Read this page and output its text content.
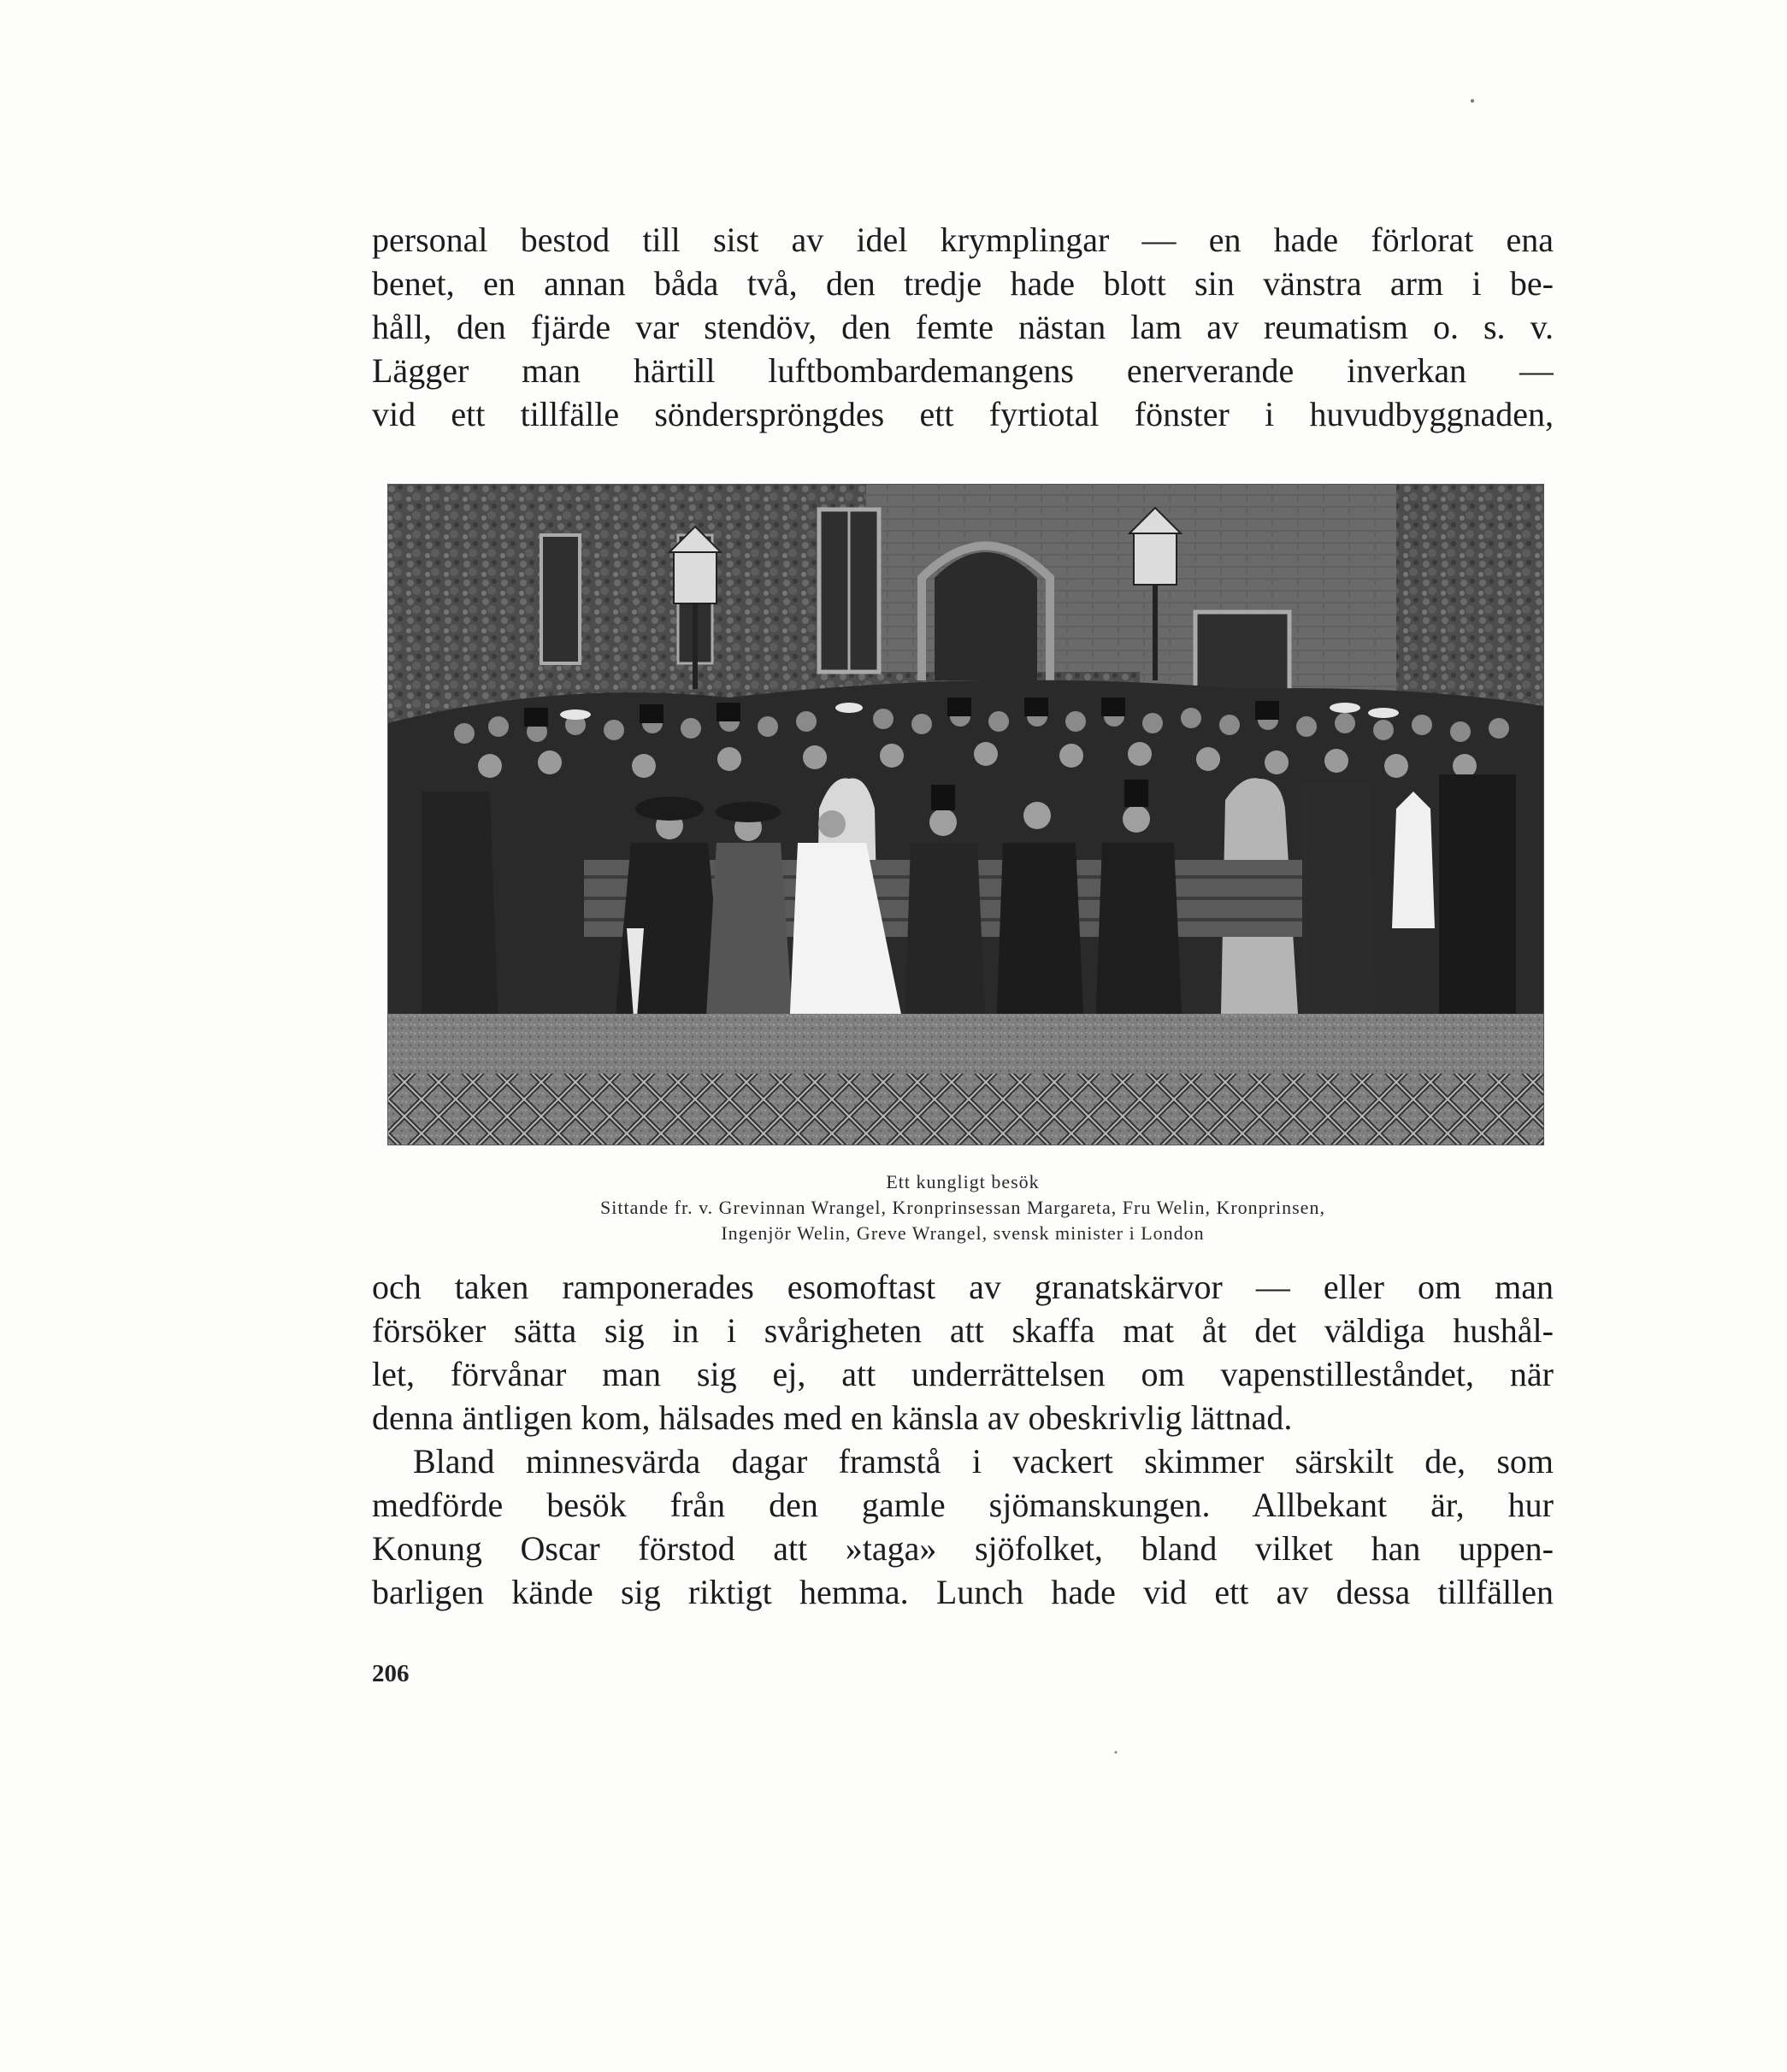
personal bestod till sist av idel krymplingar — en hade förlorat ena
benet, en annan båda två, den tredje hade blott sin vänstra arm i be-
håll, den fjärde var stendöv, den femte nästan lam av reumatism o. s. v.
Lägger man härtill luftbombardemangens enerverande inverkan —
vid ett tillfälle sönderspröngdes ett fyrtiotal fönster i huvudbyggnaden,
Ett kungligt besök
Sittande fr. v. Grevinnan Wrangel, Kronprinsessan Margareta, Fru Welin, Kronprinsen,
Ingenjör Welin, Greve Wrangel, svensk minister i London
och taken ramponerades esomoftast av granatskärvor — eller om man
försöker sätta sig in i svårigheten att skaffa mat åt det väldiga hushål-
let, förvånar man sig ej, att underrättelsen om vapenstilleståndet, när
denna äntligen kom, hälsades med en känsla av obeskrivlig lättnad.
Bland minnesvärda dagar framstå i vackert skimmer särskilt de, som
medförde besök från den gamle sjömanskungen. Allbekant är, hur
Konung Oscar förstod att »taga» sjöfolket, bland vilket han uppen-
barligen kände sig riktigt hemma. Lunch hade vid ett av dessa tillfällen
206
